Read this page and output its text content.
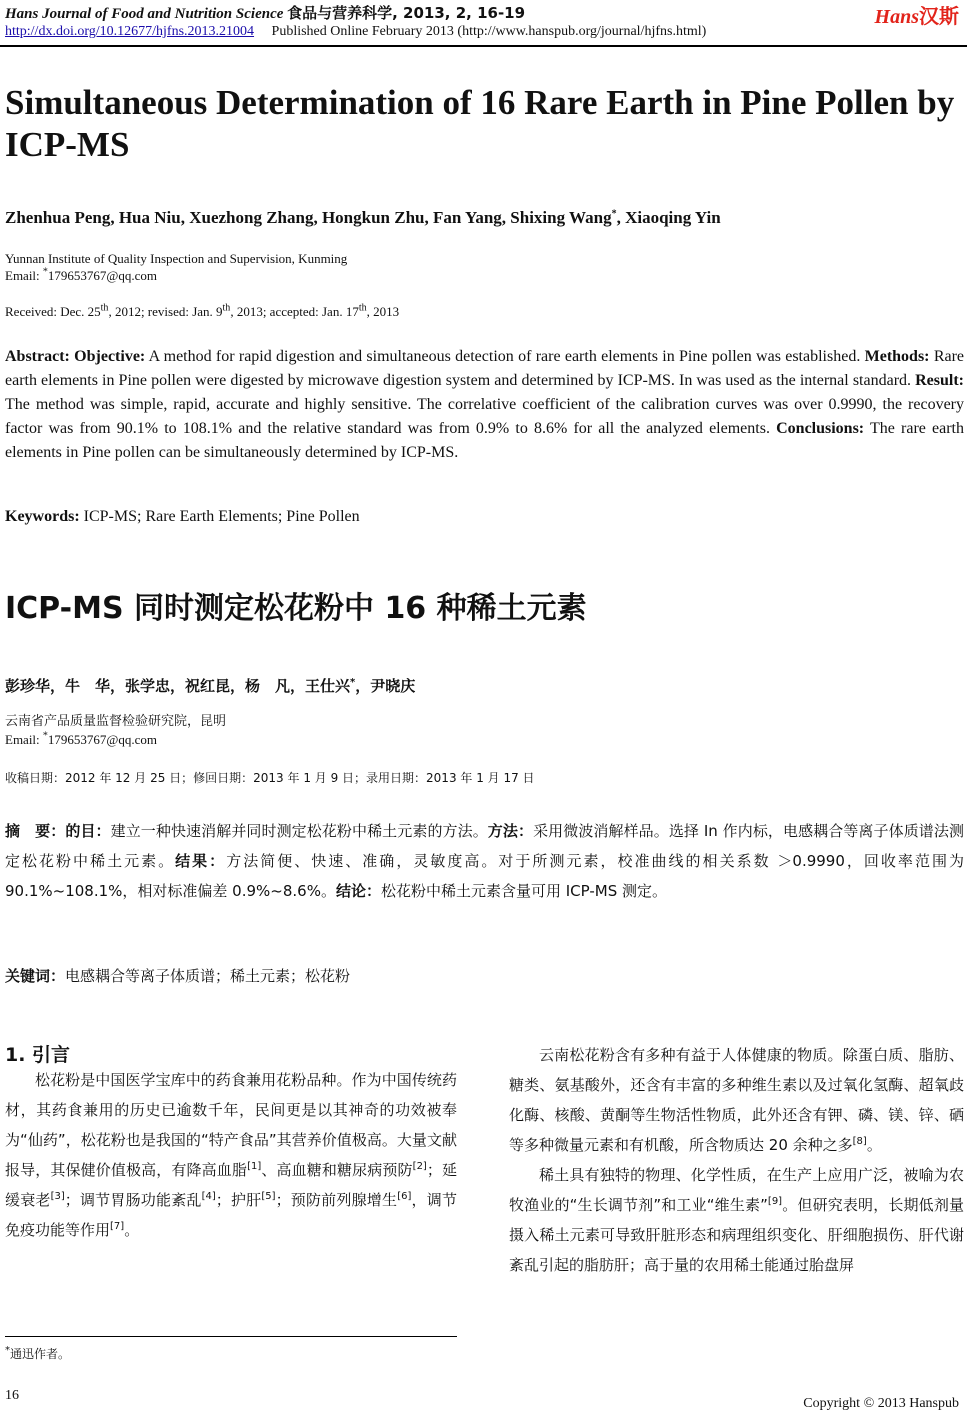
Hans Journal of Food and Nutrition Science 食品与营养科学, 2013, 2, 16-19
http://dx.doi.org/10.12677/hjfns.2013.21004 Published Online February 2013 (http://www.hanspub.org/journal/hjfns.html)
Hans汉斯
Simultaneous Determination of 16 Rare Earth in Pine Pollen by ICP-MS
Zhenhua Peng, Hua Niu, Xuezhong Zhang, Hongkun Zhu, Fan Yang, Shixing Wang*, Xiaoqing Yin
Yunnan Institute of Quality Inspection and Supervision, Kunming
Email: *179653767@qq.com
Received: Dec. 25th, 2012; revised: Jan. 9th, 2013; accepted: Jan. 17th, 2013
Abstract: Objective: A method for rapid digestion and simultaneous detection of rare earth elements in Pine pollen was established. Methods: Rare earth elements in Pine pollen were digested by microwave digestion system and determined by ICP-MS. In was used as the internal standard. Result: The method was simple, rapid, accurate and highly sensitive. The correlative coefficient of the calibration curves was over 0.9990, the recovery factor was from 90.1% to 108.1% and the relative standard was from 0.9% to 8.6% for all the analyzed elements. Conclusions: The rare earth elements in Pine pollen can be simultaneously determined by ICP-MS.
Keywords: ICP-MS; Rare Earth Elements; Pine Pollen
ICP-MS 同时测定松花粉中 16 种稀土元素
彭珍华，牛　华，张学忠，祝红昆，杨　凡，王仕兴*，尹晓庆
云南省产品质量监督检验研究院，昆明
Email: *179653767@qq.com
收稿日期：2012 年 12 月 25 日；修回日期：2013 年 1 月 9 日；录用日期：2013 年 1 月 17 日
摘　要：的目：建立一种快速消解并同时测定松花粉中稀土元素的方法。方法：采用微波消解样品。选择 In 作内标，电感耦合等离子体质谱法测定松花粉中稀土元素。结果：方法简便、快速、准确，灵敏度高。对于所测元素，校准曲线的相关系数 ＞0.9990，回收率范围为 90.1%~108.1%，相对标准偏差 0.9%~8.6%。结论：松花粉中稀土元素含量可用 ICP-MS 测定。
关键词：电感耦合等离子体质谱；稀土元素；松花粉
1. 引言

松花粉是中国医学宝库中的药食兼用花粉品种。作为中国传统药材，其药食兼用的历史已逾数千年，民间更是以其神奇的功效被奉为“仙药”，松花粉也是我国的“特产食品”其营养价值极高。大量文献报导，其保健价值极高，有降高血脂[1]、高血糖和糖尿病预防[2]；延缓衰老[3]；调节胃肠功能紊乱[4]；护肝[5]；预防前列腺增生[6]，调节免疫功能等作用[7]。

云南松花粉含有多种有益于人体健康的物质。除蛋白质、脂肪、糖类、氨基酸外，还含有丰富的多种维生素以及过氧化氢酶、超氧歧化酶、核酸、黄酮等生物活性物质，此外还含有钾、磷、镁、锌、硒等多种微量元素和有机酸，所含物质达 20 余种之多[8]。

稀土具有独特的物理、化学性质，在生产上应用广泛，被喻为农牧渔业的“生长调节剂”和工业“维生素”[9]。但研究表明，长期低剂量摄入稀土元素可导致肝脏形态和病理组织变化、肝细胞损伤、肝代谢紊乱引起的脂肪肝；高于量的农用稀土能通过胎盘屏

*通迅作者。
16
Copyright © 2013 Hanspub
